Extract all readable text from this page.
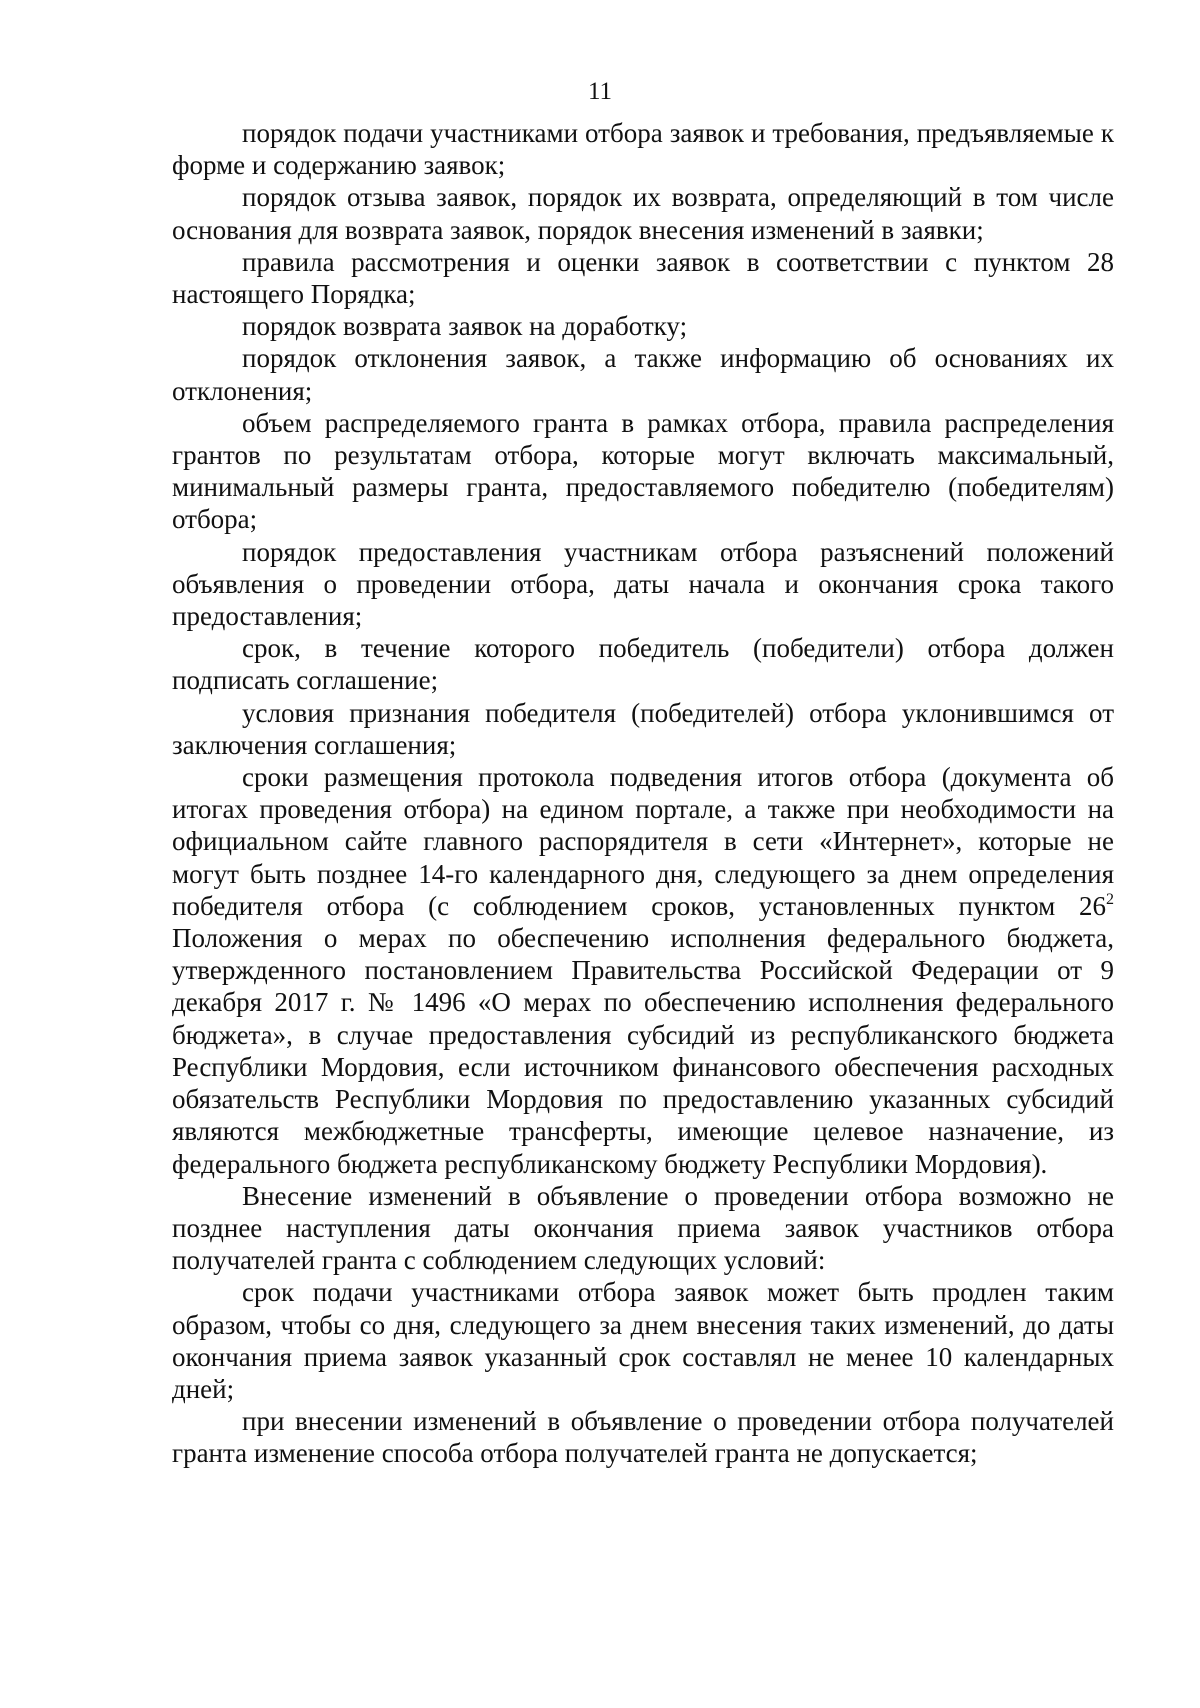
11

порядок подачи участниками отбора заявок и требования, предъявляемые к форме и содержанию заявок;

порядок отзыва заявок, порядок их возврата, определяющий в том числе основания для возврата заявок, порядок внесения изменений в заявки;

правила рассмотрения и оценки заявок в соответствии с пунктом 28 настоящего Порядка;

порядок возврата заявок на доработку;

порядок отклонения заявок, а также информацию об основаниях их отклонения;

объем распределяемого гранта в рамках отбора, правила распределения грантов по результатам отбора, которые могут включать максимальный, минимальный размеры гранта, предоставляемого победителю (победителям) отбора;

порядок предоставления участникам отбора разъяснений положений объявления о проведении отбора, даты начала и окончания срока такого предоставления;

срок, в течение которого победитель (победители) отбора должен подписать соглашение;

условия признания победителя (победителей) отбора уклонившимся от заключения соглашения;

сроки размещения протокола подведения итогов отбора (документа об итогах проведения отбора) на едином портале, а также при необходимости на официальном сайте главного распорядителя в сети «Интернет», которые не могут быть позднее 14-го календарного дня, следующего за днем определения победителя отбора (с соблюдением сроков, установленных пунктом $26^2$ Положения о мерах по обеспечению исполнения федерального бюджета, утвержденного постановлением Правительства Российской Федерации от 9 декабря 2017 г. № 1496 «О мерах по обеспечению исполнения федерального бюджета», в случае предоставления субсидий из республиканского бюджета Республики Мордовия, если источником финансового обеспечения расходных обязательств Республики Мордовия по предоставлению указанных субсидий являются межбюджетные трансферты, имеющие целевое назначение, из федерального бюджета республиканскому бюджету Республики Мордовия).

Внесение изменений в объявление о проведении отбора возможно не позднее наступления даты окончания приема заявок участников отбора получателей гранта с соблюдением следующих условий:

срок подачи участниками отбора заявок может быть продлен таким образом, чтобы со дня, следующего за днем внесения таких изменений, до даты окончания приема заявок указанный срок составлял не менее 10 календарных дней;

при внесении изменений в объявление о проведении отбора получателей гранта изменение способа отбора получателей гранта не допускается;
